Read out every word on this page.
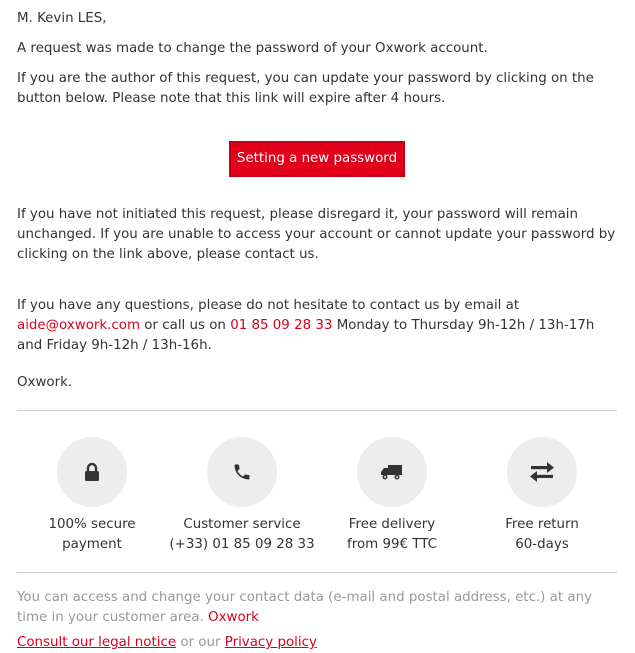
M. Kevin LES,

A request was made to change the password of your Oxwork account.

If you are the author of this request, you can update your password by clicking on the button below. Please note that this link will expire after 4 hours.

Setting a new password

If you have not initiated this request, please disregard it, your password will remain unchanged. If you are unable to access your account or cannot update your password by clicking on the link above, please contact us.

If you have any questions, please do not hesitate to contact us by email at aide@oxwork.com or call us on 01 85 09 28 33 Monday to Thursday 9h-12h / 13h-17h and Friday 9h-12h / 13h-16h.

Oxwork.

100% secure

payment

Customer service

(+33) 01 85 09 28 33

Free delivery

from 99€ TTC

Free return

60-days

You can access and change your contact data (e-mail and postal address, etc.) at any time in your customer area. Oxwork

Consult our legal notice or our Privacy policy
